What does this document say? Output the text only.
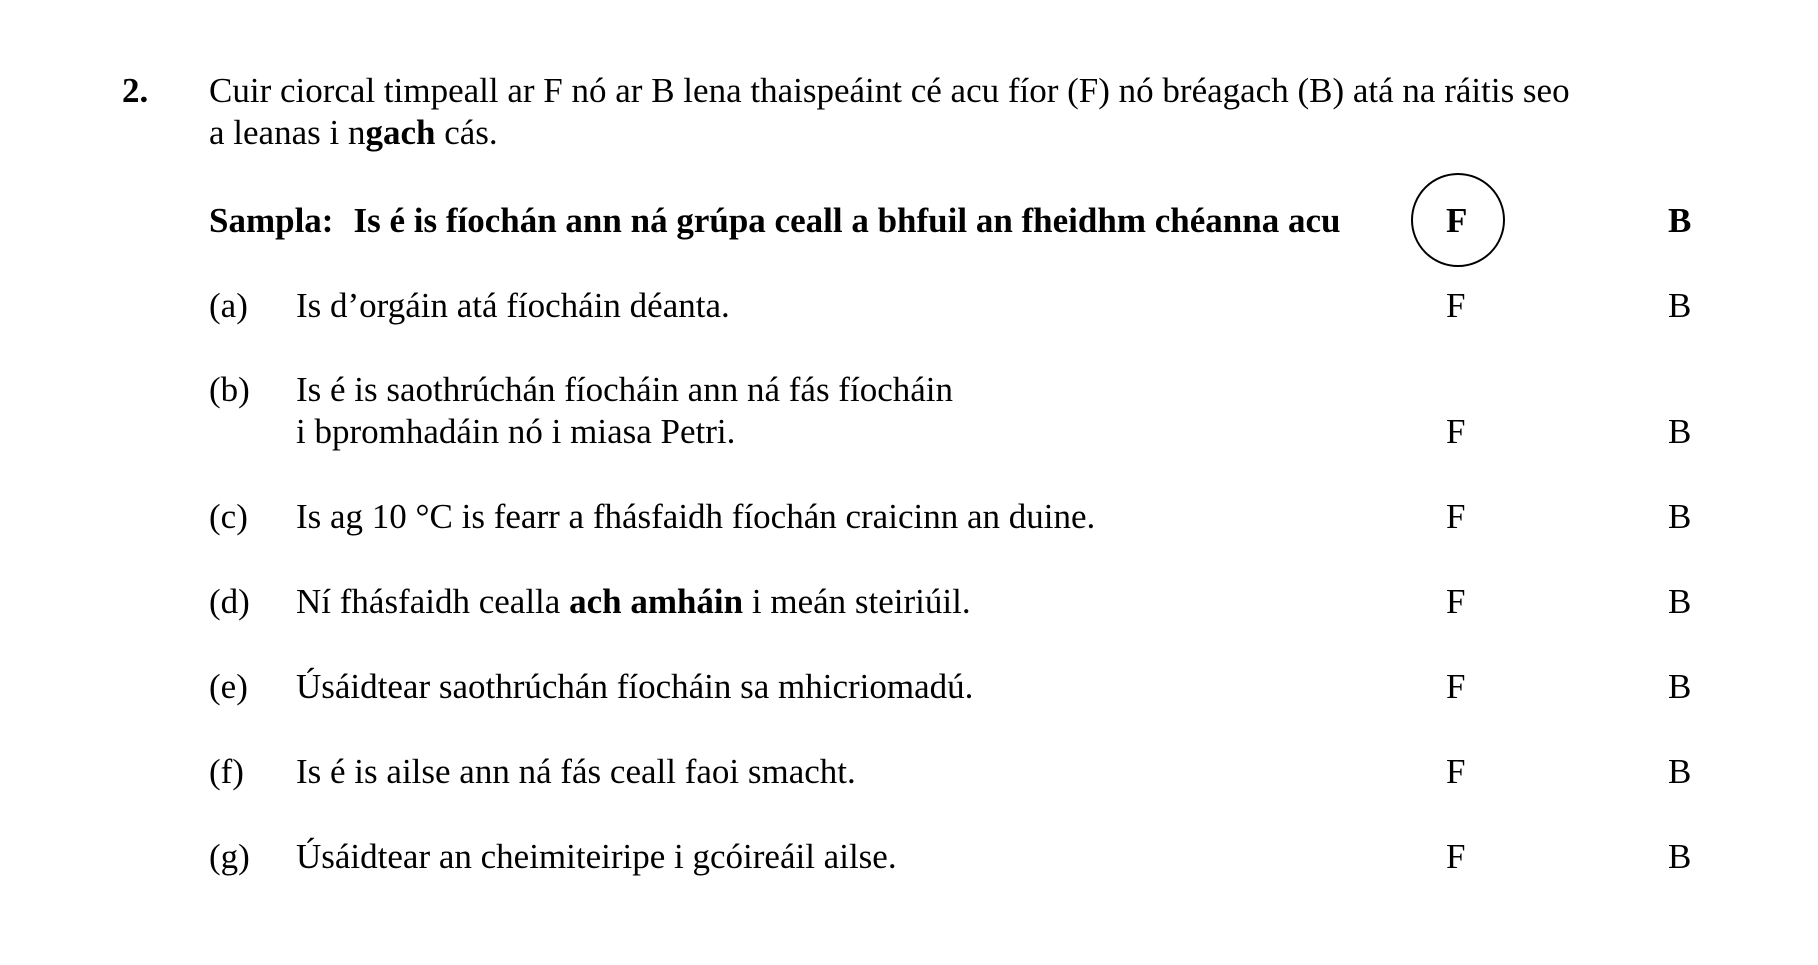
2. Cuir ciorcal timpeall ar F nó ar B lena thaispeáint cé acu fíor (F) nó bréagach (B) atá na ráitis seo
a leanas i ngach cás.
Sampla: Is é is fíochán ann ná grúpa ceall a bhfuil an fheidhm chéanna acu	F	B
(a) Is d’orgáin atá fíocháin déanta.	F	B
(b) Is é is saothrúchán fíocháin ann ná fás fíocháin
i bpromhadáin nó i miasa Petri.	F	B
(c) Is ag 10 °C is fearr a fhásfaidh fíochán craicinn an duine.	F	B
(d) Ní fhásfaidh cealla ach amháin i meán steiriúil.	F	B
(e) Úsáidtear saothrúchán fíocháin sa mhicriomadú.	F	B
(f) Is é is ailse ann ná fás ceall faoi smacht.	F	B
(g) Úsáidtear an cheimiteiripe i gcóireáil ailse.	F	B
